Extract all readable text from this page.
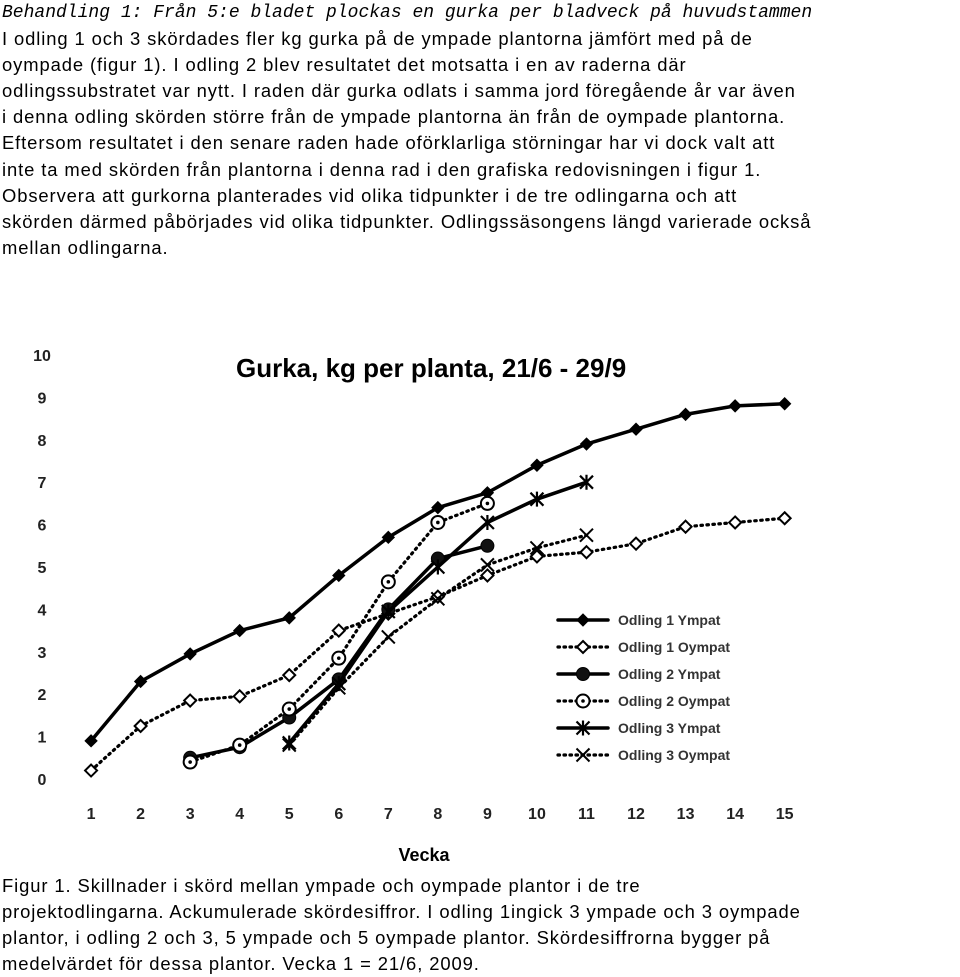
Behandling 1: Från 5:e bladet plockas en gurka per bladveck på huvudstammen
I odling 1 och 3 skördades fler kg gurka på de ympade plantorna jämfört med på de
oympade (figur 1). I odling 2 blev resultatet det motsatta i en av raderna där
odlingssubstratet var nytt. I raden där gurka odlats i samma jord föregående år var även
i denna odling skörden större från de ympade plantorna än från de oympade plantorna.
Eftersom resultatet i den senare raden hade oförklarliga störningar har vi dock valt att
inte ta med skörden från plantorna i denna rad i den grafiska redovisningen i figur 1.
Observera att gurkorna planterades vid olika tidpunkter i de tre odlingarna och att
skörden därmed påbörjades vid olika tidpunkter. Odlingssäsongens längd varierade också
mellan odlingarna.
Gurka, kg per planta, 21/6 - 29/9
0
1
2
3
4
5
6
7
8
9
10
1	2	3	4	5	6	7	8	9 10 11 12 13 14 15
Vecka
Odling 1 Ympat
Odling 1 Oympat
Odling 2 Ympat
Odling 2 Oympat
Odling 3 Ympat
Odling 3 Oympat
Figur 1. Skillnader i skörd mellan ympade och oympade plantor i de tre
projektodlingarna. Ackumulerade skördesiffror. I odling 1ingick 3 ympade och 3 oympade
plantor, i odling 2 och 3, 5 ympade och 5 oympade plantor. Skördesiffrorna bygger på
medelvärdet för dessa plantor. Vecka 1 = 21/6, 2009.
